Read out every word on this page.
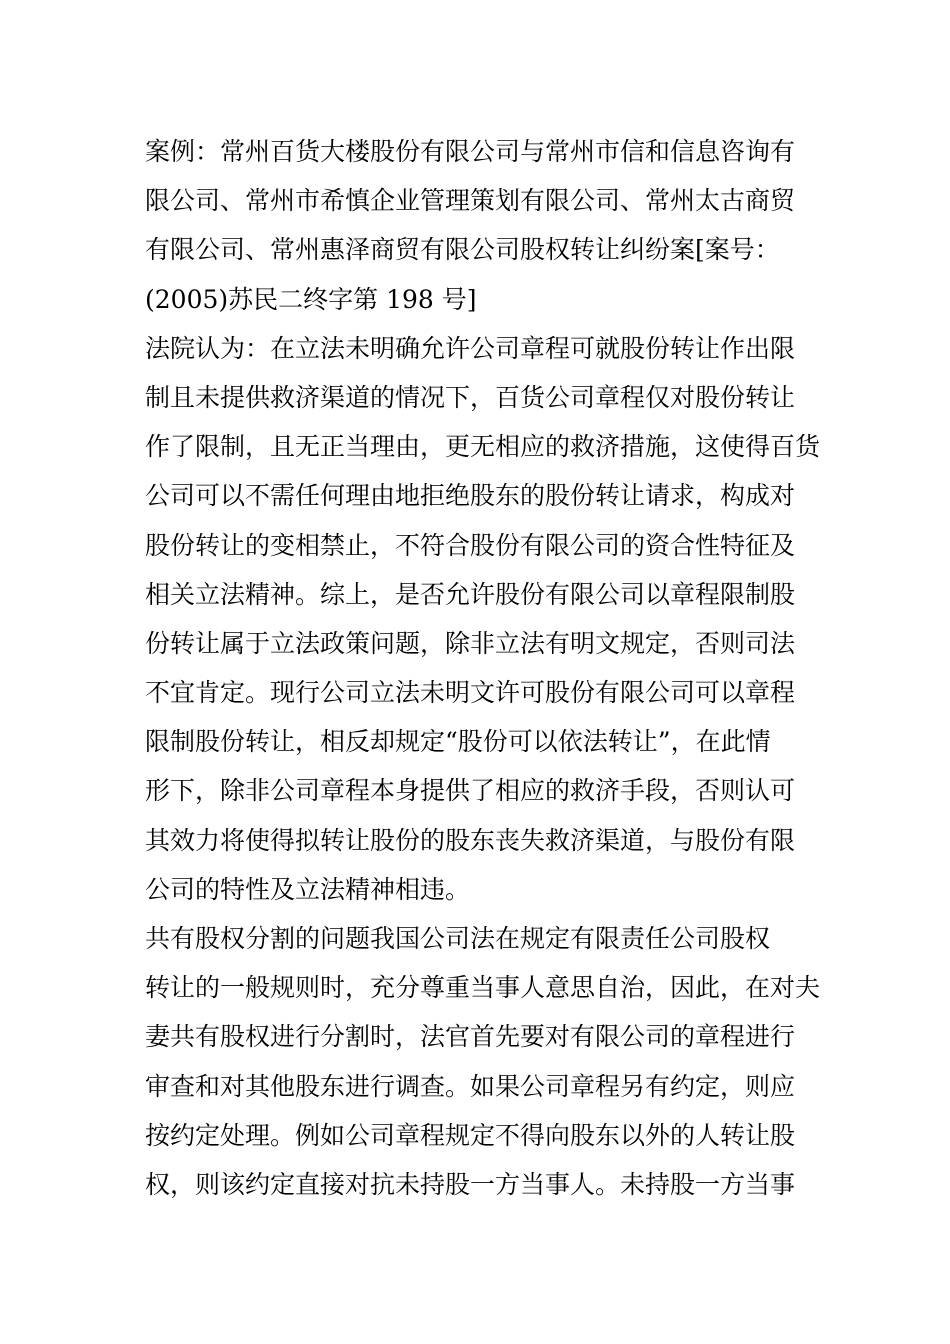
案例：常州百货大楼股份有限公司与常州市信和信息咨询有
限公司、常州市希慎企业管理策划有限公司、常州太古商贸
有限公司、常州惠泽商贸有限公司股权转让纠纷案[案号：
(2005)苏民二终字第 198 号]
法院认为：在立法未明确允许公司章程可就股份转让作出限
制且未提供救济渠道的情况下，百货公司章程仅对股份转让
作了限制，且无正当理由，更无相应的救济措施，这使得百货
公司可以不需任何理由地拒绝股东的股份转让请求，构成对
股份转让的变相禁止，不符合股份有限公司的资合性特征及
相关立法精神。综上，是否允许股份有限公司以章程限制股
份转让属于立法政策问题，除非立法有明文规定，否则司法
不宜肯定。现行公司立法未明文许可股份有限公司可以章程
限制股份转让，相反却规定“股份可以依法转让”，在此情
形下，除非公司章程本身提供了相应的救济手段，否则认可
其效力将使得拟转让股份的股东丧失救济渠道，与股份有限
公司的特性及立法精神相违。
共有股权分割的问题我国公司法在规定有限责任公司股权
转让的一般规则时，充分尊重当事人意思自治，因此，在对夫
妻共有股权进行分割时，法官首先要对有限公司的章程进行
审查和对其他股东进行调查。如果公司章程另有约定，则应
按约定处理。例如公司章程规定不得向股东以外的人转让股
权，则该约定直接对抗未持股一方当事人。未持股一方当事
